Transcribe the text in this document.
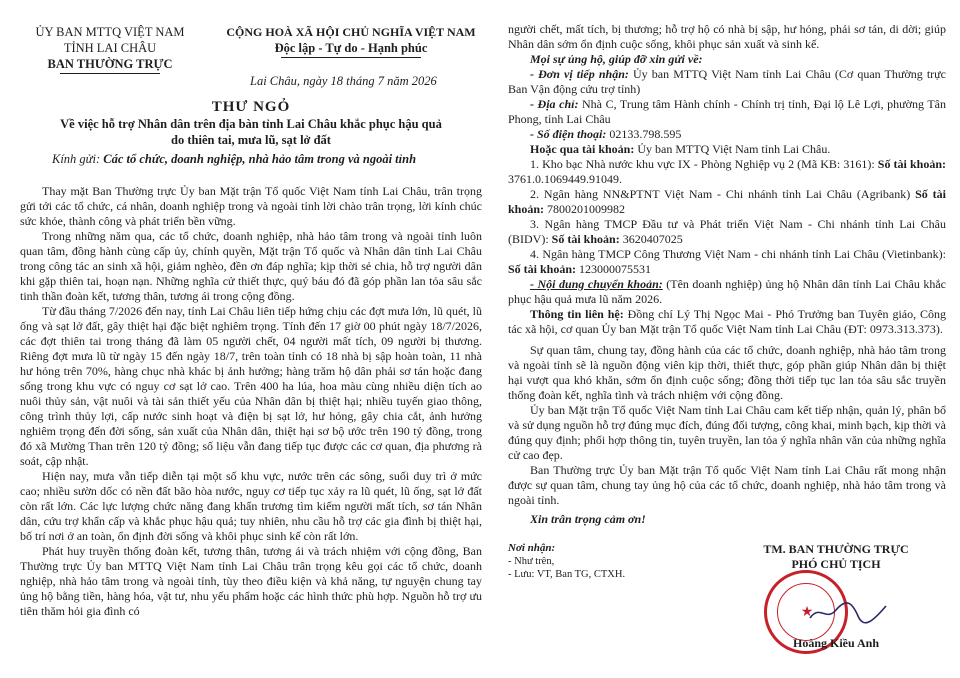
ỦY BAN MTTQ VIỆT NAM
TỈNH LAI CHÂU
BAN THƯỜNG TRỰC
CỘNG HOÀ XÃ HỘI CHỦ NGHĨA VIỆT NAM
Độc lập - Tự do - Hạnh phúc
Lai Châu, ngày 18 tháng 7 năm 2026
THƯ NGỎ
Về việc hỗ trợ Nhân dân trên địa bàn tỉnh Lai Châu khắc phục hậu quả
do thiên tai, mưa lũ, sạt lở đất
Kính gửi: Các tổ chức, doanh nghiệp, nhà hảo tâm trong và ngoài tỉnh

Thay mặt Ban Thường trực Ủy ban Mặt trận Tổ quốc Việt Nam tỉnh Lai Châu, trân trọng gửi tới các tổ chức, cá nhân, doanh nghiệp trong và ngoài tỉnh lời chào trân trọng, lời kính chúc sức khỏe, thành công và phát triển bền vững.

Trong những năm qua, các tổ chức, doanh nghiệp, nhà hảo tâm trong và ngoài tỉnh luôn quan tâm, đồng hành cùng cấp ủy, chính quyền, Mặt trận Tổ quốc và Nhân dân tỉnh Lai Châu trong công tác an sinh xã hội, giảm nghèo, đền ơn đáp nghĩa; kịp thời sẻ chia, hỗ trợ người dân khi gặp thiên tai, hoạn nạn. Những nghĩa cử thiết thực, quý báu đó đã góp phần lan tỏa sâu sắc tinh thần đoàn kết, tương thân, tương ái trong cộng đồng.

Từ đầu tháng 7/2026 đến nay, tỉnh Lai Châu liên tiếp hứng chịu các đợt mưa lớn, lũ quét, lũ ống và sạt lở đất, gây thiệt hại đặc biệt nghiêm trọng. Tính đến 17 giờ 00 phút ngày 18/7/2026, các đợt thiên tai trong tháng đã làm 05 người chết, 04 người mất tích, 09 người bị thương. Riêng đợt mưa lũ từ ngày 15 đến ngày 18/7, trên toàn tỉnh có 18 nhà bị sập hoàn toàn, 11 nhà hư hỏng trên 70%, hàng chục nhà khác bị ảnh hưởng; hàng trăm hộ dân phải sơ tán hoặc đang sống trong khu vực có nguy cơ sạt lở cao. Trên 400 ha lúa, hoa màu cùng nhiều diện tích ao nuôi thủy sản, vật nuôi và tài sản thiết yếu của Nhân dân bị thiệt hại; nhiều tuyến giao thông, công trình thủy lợi, cấp nước sinh hoạt và điện bị sạt lở, hư hỏng, gây chia cắt, ảnh hưởng nghiêm trọng đến đời sống, sản xuất của Nhân dân, thiệt hại sơ bộ ước trên 190 tỷ đồng, trong đó xã Mường Than trên 120 tỷ đồng; số liệu vẫn đang tiếp tục được các cơ quan, địa phương rà soát, cập nhật.

Hiện nay, mưa vẫn tiếp diễn tại một số khu vực, nước trên các sông, suối duy trì ở mức cao; nhiều sườn dốc có nền đất bão hòa nước, nguy cơ tiếp tục xảy ra lũ quét, lũ ống, sạt lở đất còn rất lớn. Các lực lượng chức năng đang khẩn trương tìm kiếm người mất tích, sơ tán Nhân dân, cứu trợ khẩn cấp và khắc phục hậu quả; tuy nhiên, nhu cầu hỗ trợ các gia đình bị thiệt hại, bố trí nơi ở an toàn, ổn định đời sống và khôi phục sinh kế còn rất lớn.

Phát huy truyền thống đoàn kết, tương thân, tương ái và trách nhiệm với cộng đồng, Ban Thường trực Ủy ban MTTQ Việt Nam tỉnh Lai Châu trân trọng kêu gọi các tổ chức, doanh nghiệp, nhà hảo tâm trong và ngoài tỉnh, tùy theo điều kiện và khả năng, tự nguyện chung tay ủng hộ bằng tiền, hàng hóa, vật tư, nhu yếu phẩm hoặc các hình thức phù hợp. Nguồn hỗ trợ ưu tiên thăm hỏi gia đình có

người chết, mất tích, bị thương; hỗ trợ hộ có nhà bị sập, hư hỏng, phải sơ tán, di dời; giúp Nhân dân sớm ổn định cuộc sống, khôi phục sản xuất và sinh kế.

Mọi sự ủng hộ, giúp đỡ xin gửi về:

- Đơn vị tiếp nhận: Ủy ban MTTQ Việt Nam tỉnh Lai Châu (Cơ quan Thường trực Ban Vận động cứu trợ tỉnh)

- Địa chỉ: Nhà C, Trung tâm Hành chính - Chính trị tỉnh, Đại lộ Lê Lợi, phường Tân Phong, tỉnh Lai Châu

- Số điện thoại: 02133.798.595

Hoặc qua tài khoản: Ủy ban MTTQ Việt Nam tỉnh Lai Châu.

1. Kho bạc Nhà nước khu vực IX - Phòng Nghiệp vụ 2 (Mã KB: 3161): Số tài khoản: 3761.0.1069449.91049.

2. Ngân hàng NN&PTNT Việt Nam - Chi nhánh tỉnh Lai Châu (Agribank) Số tài khoản: 7800201009982

3. Ngân hàng TMCP Đầu tư và Phát triển Việt Nam - Chi nhánh tỉnh Lai Châu (BIDV): Số tài khoản: 3620407025

4. Ngân hàng TMCP Công Thương Việt Nam - chi nhánh tỉnh Lai Châu (Vietinbank): Số tài khoản: 123000075531

- Nội dung chuyển khoản: (Tên doanh nghiệp) ủng hộ Nhân dân tỉnh Lai Châu khắc phục hậu quả mưa lũ năm 2026.

Thông tin liên hệ: Đồng chí Lý Thị Ngọc Mai - Phó Trưởng ban Tuyên giáo, Công tác xã hội, cơ quan Ủy ban Mặt trận Tổ quốc Việt Nam tỉnh Lai Châu (ĐT: 0973.313.373).

Sự quan tâm, chung tay, đồng hành của các tổ chức, doanh nghiệp, nhà hảo tâm trong và ngoài tỉnh sẽ là nguồn động viên kịp thời, thiết thực, góp phần giúp Nhân dân bị thiệt hại vượt qua khó khăn, sớm ổn định cuộc sống; đồng thời tiếp tục lan tỏa sâu sắc truyền thống đoàn kết, nghĩa tình và trách nhiệm với cộng đồng.

Ủy ban Mặt trận Tổ quốc Việt Nam tỉnh Lai Châu cam kết tiếp nhận, quản lý, phân bổ và sử dụng nguồn hỗ trợ đúng mục đích, đúng đối tượng, công khai, minh bạch, kịp thời và đúng quy định; phối hợp thông tin, tuyên truyền, lan tỏa ý nghĩa nhân văn của những nghĩa cử cao đẹp.

Ban Thường trực Ủy ban Mặt trận Tổ quốc Việt Nam tỉnh Lai Châu rất mong nhận được sự quan tâm, chung tay ủng hộ của các tổ chức, doanh nghiệp, nhà hảo tâm trong và ngoài tỉnh.

Xin trân trọng cảm ơn!

Nơi nhận:
- Như trên,
- Lưu: VT, Ban TG, CTXH.
TM. BAN THƯỜNG TRỰC
PHÓ CHỦ TỊCH
★
Hoàng Kiều Anh
